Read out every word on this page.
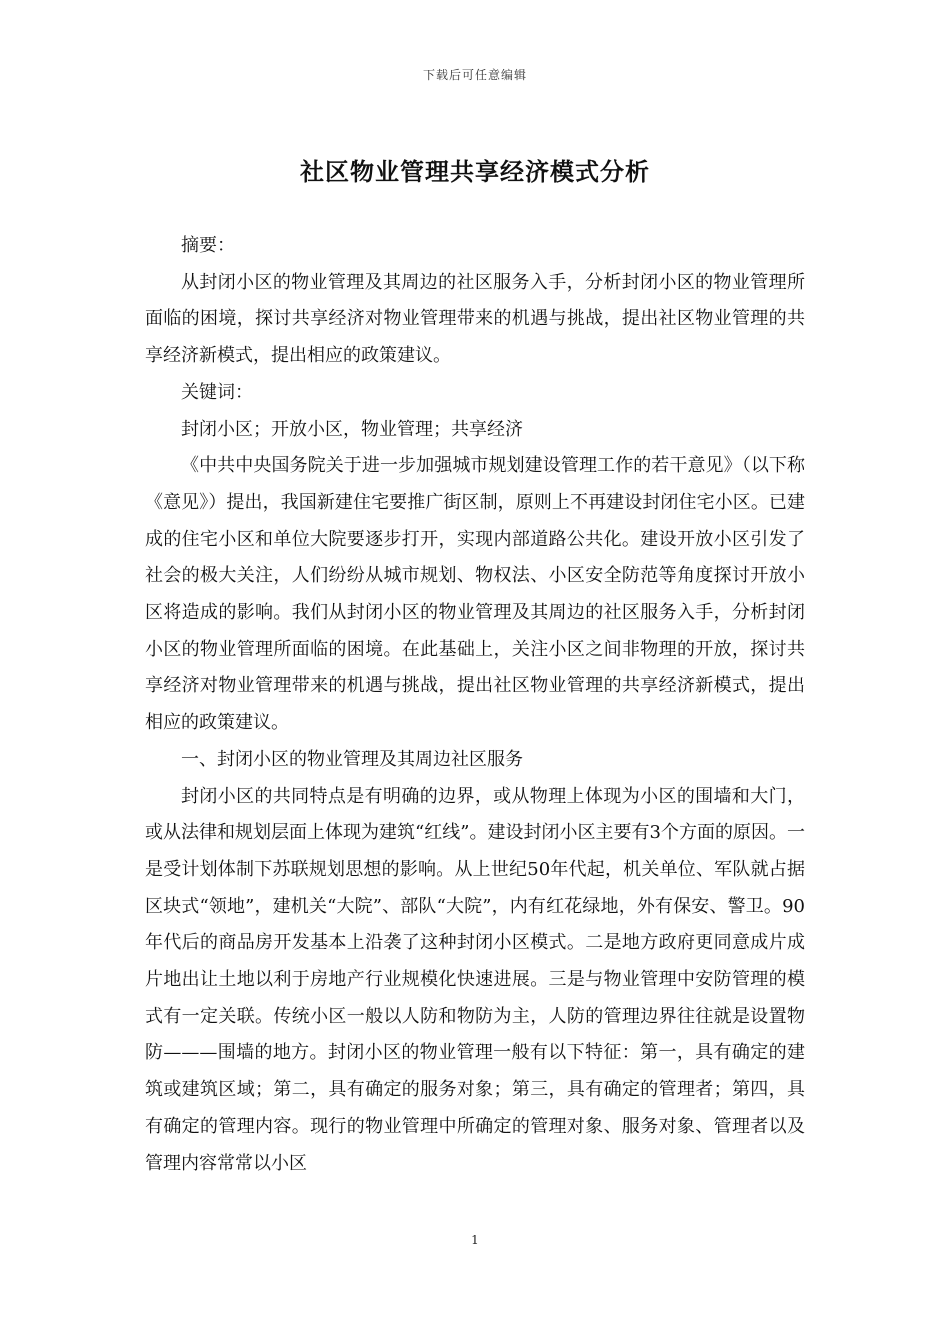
下载后可任意编辑
社区物业管理共享经济模式分析

摘要：

从封闭小区的物业管理及其周边的社区服务入手，分析封闭小区的物业管理所面临的困境，探讨共享经济对物业管理带来的机遇与挑战，提出社区物业管理的共享经济新模式，提出相应的政策建议。

关键词：

封闭小区；开放小区，物业管理；共享经济

《中共中央国务院关于进一步加强城市规划建设管理工作的若干意见》（以下称《意见》）提出，我国新建住宅要推广街区制，原则上不再建设封闭住宅小区。已建成的住宅小区和单位大院要逐步打开，实现内部道路公共化。建设开放小区引发了社会的极大关注，人们纷纷从城市规划、物权法、小区安全防范等角度探讨开放小区将造成的影响。我们从封闭小区的物业管理及其周边的社区服务入手，分析封闭小区的物业管理所面临的困境。在此基础上，关注小区之间非物理的开放，探讨共享经济对物业管理带来的机遇与挑战，提出社区物业管理的共享经济新模式，提出相应的政策建议。

一、封闭小区的物业管理及其周边社区服务

封闭小区的共同特点是有明确的边界，或从物理上体现为小区的围墙和大门，或从法律和规划层面上体现为建筑“红线”。建设封闭小区主要有3个方面的原因。一是受计划体制下苏联规划思想的影响。从上世纪50年代起，机关单位、军队就占据区块式“领地”，建机关“大院”、部队“大院”，内有红花绿地，外有保安、警卫。90年代后的商品房开发基本上沿袭了这种封闭小区模式。二是地方政府更同意成片成片地出让土地以利于房地产行业规模化快速进展。三是与物业管理中安防管理的模式有一定关联。传统小区一般以人防和物防为主，人防的管理边界往往就是设置物防———围墙的地方。封闭小区的物业管理一般有以下特征：第一，具有确定的建筑或建筑区域；第二，具有确定的服务对象；第三，具有确定的管理者；第四，具有确定的管理内容。现行的物业管理中所确定的管理对象、服务对象、管理者以及管理内容常常以小区

1
